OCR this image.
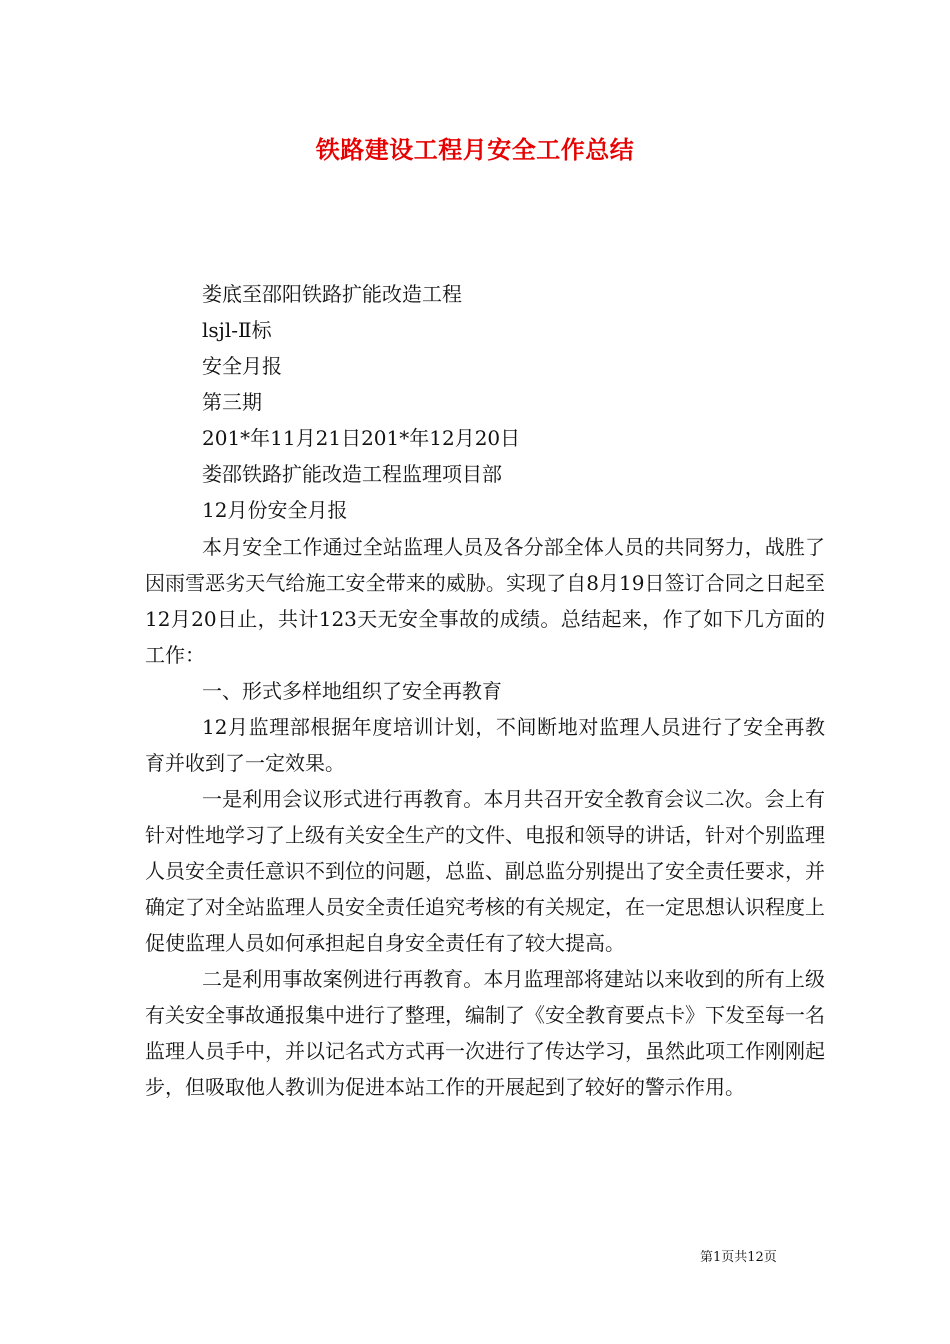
铁路建设工程月安全工作总结
娄底至邵阳铁路扩能改造工程
lsjl-Ⅱ标
安全月报
第三期
201*年11月21日201*年12月20日
娄邵铁路扩能改造工程监理项目部
12月份安全月报

本月安全工作通过全站监理人员及各分部全体人员的共同努力，战胜了因雨雪恶劣天气给施工安全带来的威胁。实现了自8月19日签订合同之日起至12月20日止，共计123天无安全事故的成绩。总结起来，作了如下几方面的工作：

一、形式多样地组织了安全再教育

12月监理部根据年度培训计划，不间断地对监理人员进行了安全再教育并收到了一定效果。

一是利用会议形式进行再教育。本月共召开安全教育会议二次。会上有针对性地学习了上级有关安全生产的文件、电报和领导的讲话，针对个别监理人员安全责任意识不到位的问题，总监、副总监分别提出了安全责任要求，并确定了对全站监理人员安全责任追究考核的有关规定，在一定思想认识程度上促使监理人员如何承担起自身安全责任有了较大提高。

二是利用事故案例进行再教育。本月监理部将建站以来收到的所有上级有关安全事故通报集中进行了整理，编制了《安全教育要点卡》下发至每一名监理人员手中，并以记名式方式再一次进行了传达学习，虽然此项工作刚刚起步，但吸取他人教训为促进本站工作的开展起到了较好的警示作用。

第1页共12页
